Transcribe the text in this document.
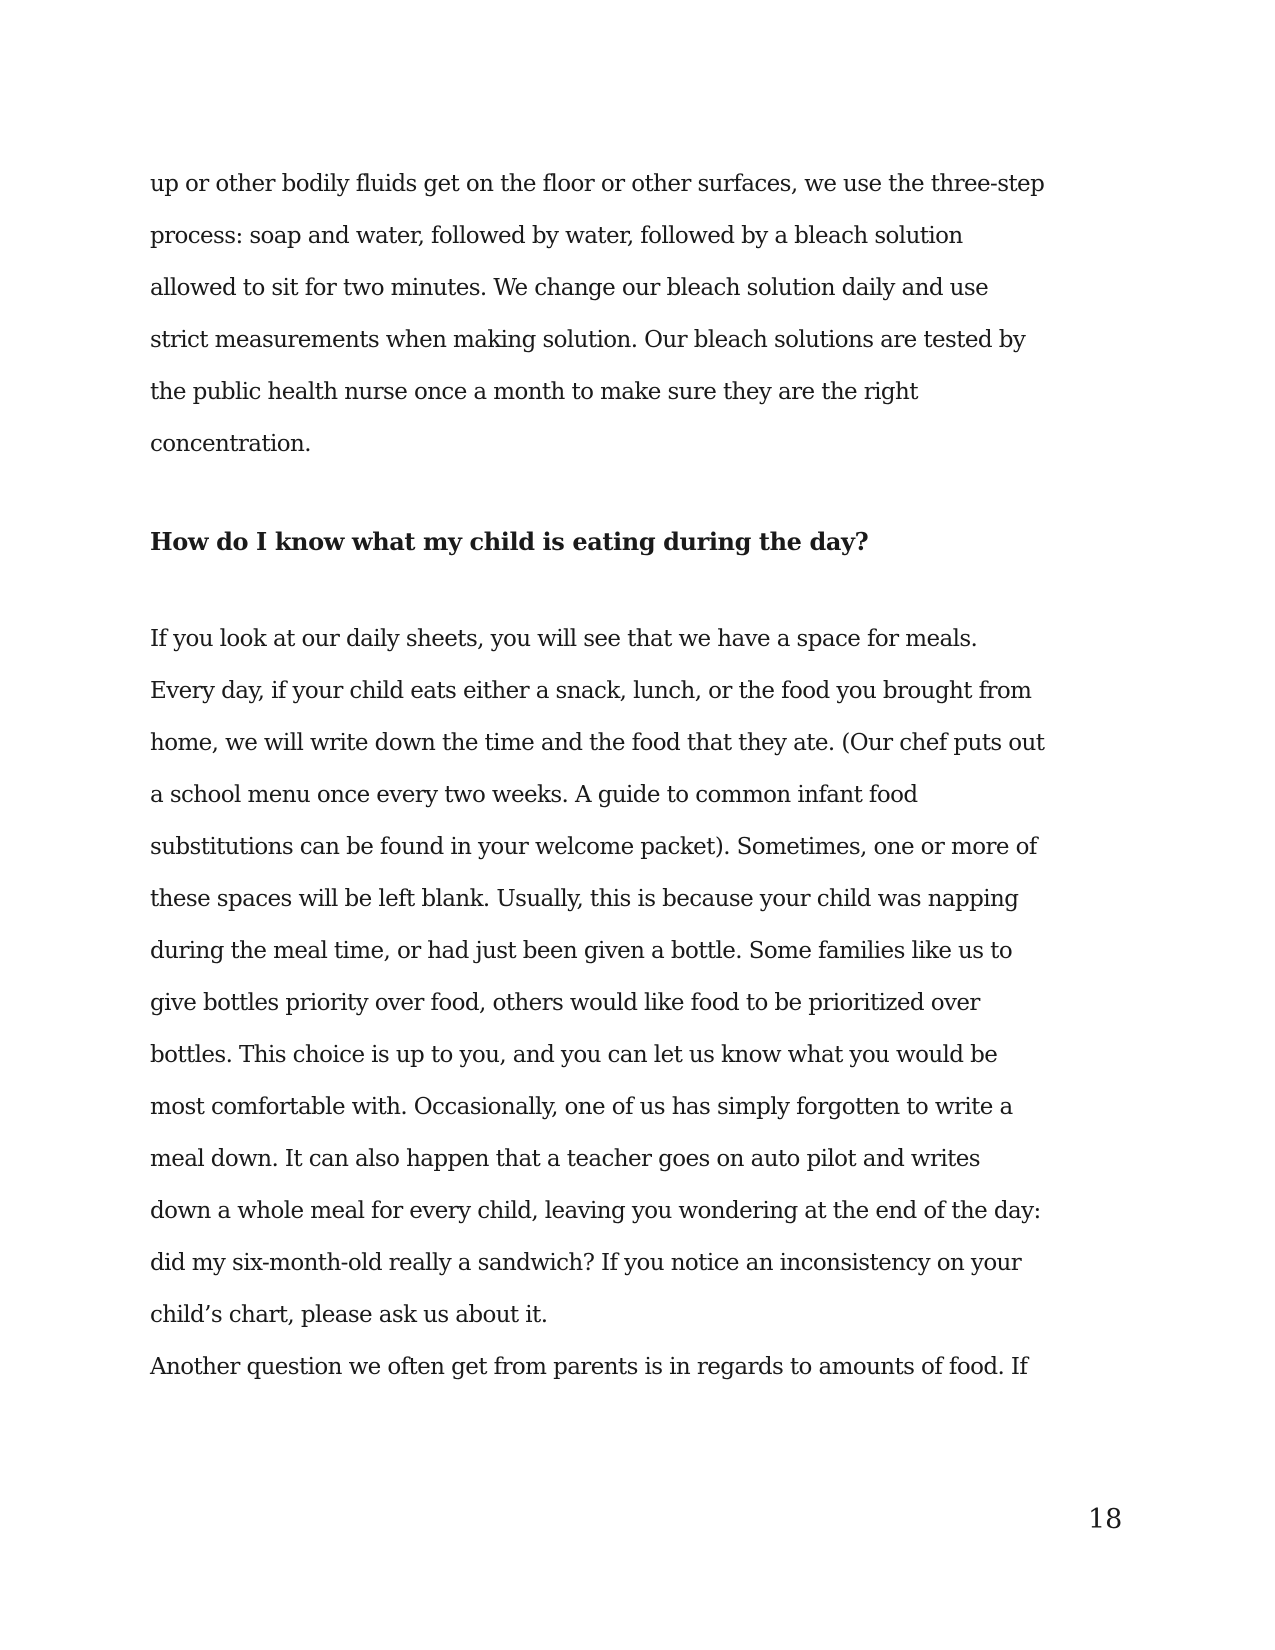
up or other bodily fluids get on the floor or other surfaces, we use the three-step
process: soap and water, followed by water, followed by a bleach solution
allowed to sit for two minutes. We change our bleach solution daily and use
strict measurements when making solution. Our bleach solutions are tested by
the public health nurse once a month to make sure they are the right
concentration.
How do I know what my child is eating during the day?
If you look at our daily sheets, you will see that we have a space for meals.
Every day, if your child eats either a snack, lunch, or the food you brought from
home, we will write down the time and the food that they ate. (Our chef puts out
a school menu once every two weeks. A guide to common infant food
substitutions can be found in your welcome packet). Sometimes, one or more of
these spaces will be left blank. Usually, this is because your child was napping
during the meal time, or had just been given a bottle. Some families like us to
give bottles priority over food, others would like food to be prioritized over
bottles. This choice is up to you, and you can let us know what you would be
most comfortable with. Occasionally, one of us has simply forgotten to write a
meal down. It can also happen that a teacher goes on auto pilot and writes
down a whole meal for every child, leaving you wondering at the end of the day:
did my six-month-old really a sandwich? If you notice an inconsistency on your
child’s chart, please ask us about it.
Another question we often get from parents is in regards to amounts of food. If
18
